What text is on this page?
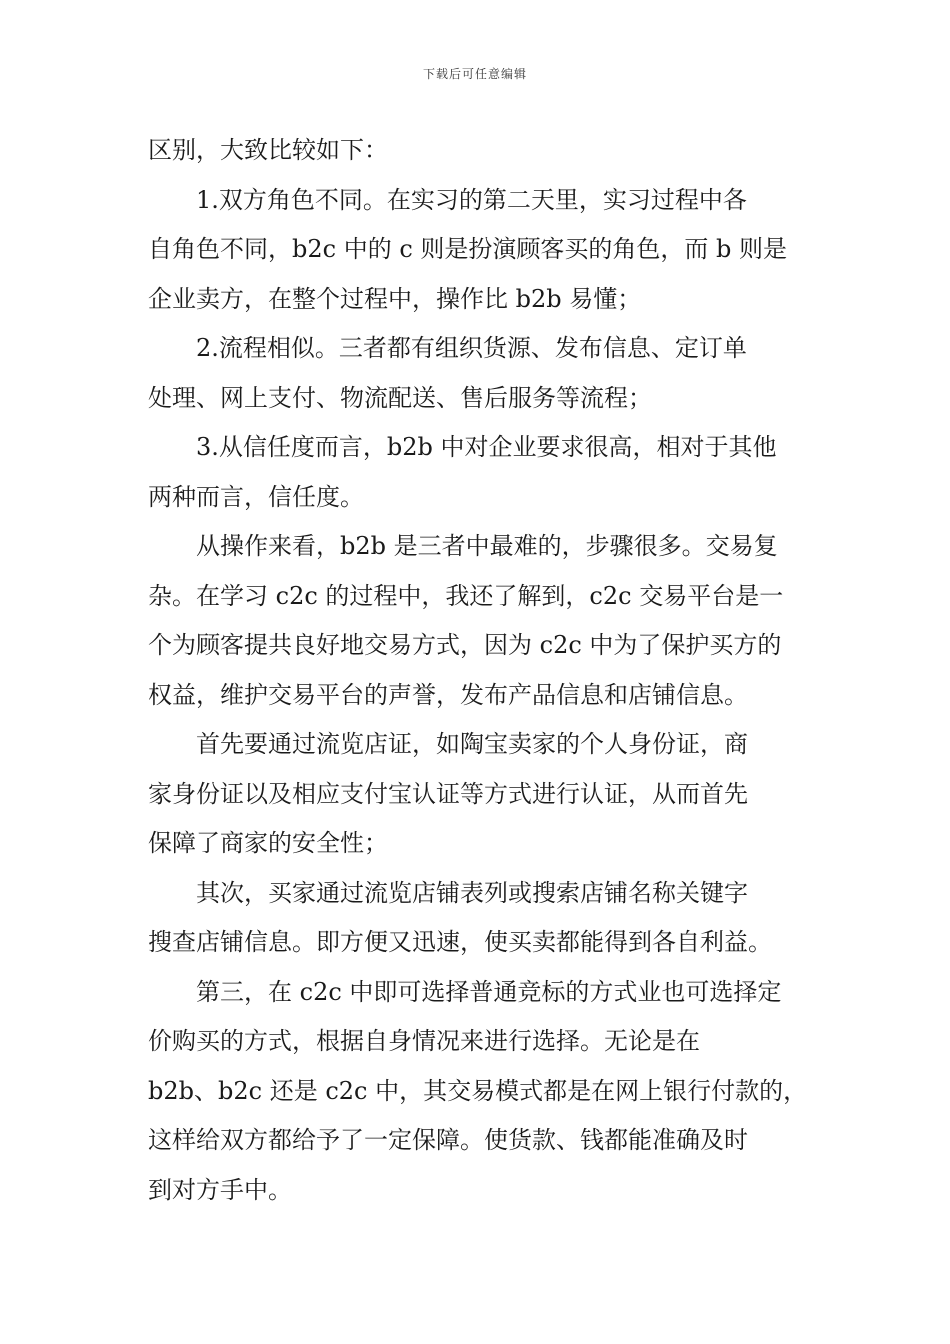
下载后可任意编辑
区别，大致比较如下：
1.双方角色不同。在实习的第二天里，实习过程中各
自角色不同，b2c 中的 c 则是扮演顾客买的角色，而 b 则是
企业卖方，在整个过程中，操作比 b2b 易懂；
2.流程相似。三者都有组织货源、发布信息、定订单
处理、网上支付、物流配送、售后服务等流程；
3.从信任度而言，b2b 中对企业要求很高，相对于其他
两种而言，信任度。
从操作来看，b2b 是三者中最难的，步骤很多。交易复
杂。在学习 c2c 的过程中，我还了解到，c2c 交易平台是一
个为顾客提共良好地交易方式，因为 c2c 中为了保护买方的
权益，维护交易平台的声誉，发布产品信息和店铺信息。
首先要通过流览店证，如陶宝卖家的个人身份证，商
家身份证以及相应支付宝认证等方式进行认证，从而首先
保障了商家的安全性；
其次，买家通过流览店铺表列或搜索店铺名称关键字
搜查店铺信息。即方便又迅速，使买卖都能得到各自利益。
第三，在 c2c 中即可选择普通竞标的方式业也可选择定
价购买的方式，根据自身情况来进行选择。无论是在
b2b、b2c 还是 c2c 中，其交易模式都是在网上银行付款的，
这样给双方都给予了一定保障。使货款、钱都能准确及时
到对方手中。
